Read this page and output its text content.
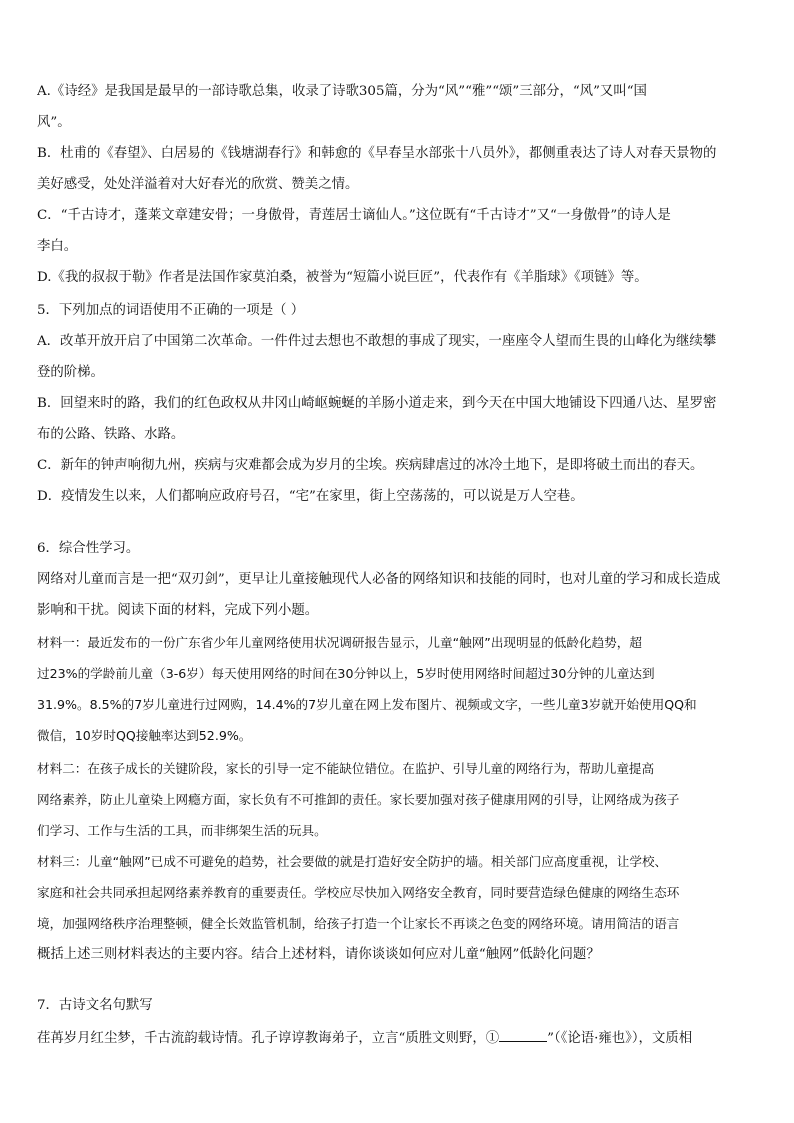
A.《诗经》是我国是最早的一部诗歌总集，收录了诗歌305篇，分为“风”“雅”“颂”三部分，“风”又叫“国
风”。
B．杜甫的《春望》、白居易的《钱塘湖春行》和韩愈的《早春呈水部张十八员外》，都侧重表达了诗人对春天景物的
美好感受，处处洋溢着对大好春光的欣赏、赞美之情。
C．“千古诗才，蓬莱文章建安骨；一身傲骨，青莲居士谪仙人。”这位既有“千古诗才”又“一身傲骨”的诗人是
李白。
D.《我的叔叔于勒》作者是法国作家莫泊桑，被誉为“短篇小说巨匠”，代表作有《羊脂球》《项链》等。
5．下列加点的词语使用不正确的一项是（ ）
A．改革开放开启了中国第二次革命。一件件过去想也不敢想的事成了现实，一座座令人望而生畏的山峰化为继续攀
登的阶梯。
B．回望来时的路，我们的红色政权从井冈山崎岖蜿蜒的羊肠小道走来，到今天在中国大地铺设下四通八达、星罗密
布的公路、铁路、水路。
C．新年的钟声响彻九州，疾病与灾难都会成为岁月的尘埃。疾病肆虐过的冰冷土地下，是即将破土而出的春天。
D．疫情发生以来，人们都响应政府号召，“宅”在家里，街上空荡荡的，可以说是万人空巷。
6．综合性学习。
网络对儿童而言是一把“双刃剑”，更早让儿童接触现代人必备的网络知识和技能的同时，也对儿童的学习和成长造成
影响和干扰。阅读下面的材料，完成下列小题。
材料一：最近发布的一份广东省少年儿童网络使用状况调研报告显示，儿童“触网”出现明显的低龄化趋势，超
过23%的学龄前儿童（3-6岁）每天使用网络的时间在30分钟以上，5岁时使用网络时间超过30分钟的儿童达到
31.9%。8.5%的7岁儿童进行过网购，14.4%的7岁儿童在网上发布图片、视频或文字，一些儿童3岁就开始使用QQ和
微信，10岁时QQ接触率达到52.9%。
材料二：在孩子成长的关键阶段，家长的引导一定不能缺位错位。在监护、引导儿童的网络行为，帮助儿童提高
网络素养，防止儿童染上网瘾方面，家长负有不可推卸的责任。家长要加强对孩子健康用网的引导，让网络成为孩子
们学习、工作与生活的工具，而非绑架生活的玩具。
材料三：儿童“触网”已成不可避免的趋势，社会要做的就是打造好安全防护的墙。相关部门应高度重视，让学校、
家庭和社会共同承担起网络素养教育的重要责任。学校应尽快加入网络安全教育，同时要营造绿色健康的网络生态环
境，加强网络秩序治理整顿，健全长效监管机制，给孩子打造一个让家长不再谈之色变的网络环境。请用简洁的语言
概括上述三则材料表达的主要内容。结合上述材料，请你谈谈如何应对儿童“触网”低龄化问题？
7．古诗文名句默写
荏苒岁月红尘梦，千古流韵载诗情。孔子谆谆教诲弟子，立言“质胜文则野，①	”（《论语·雍也》），文质相
